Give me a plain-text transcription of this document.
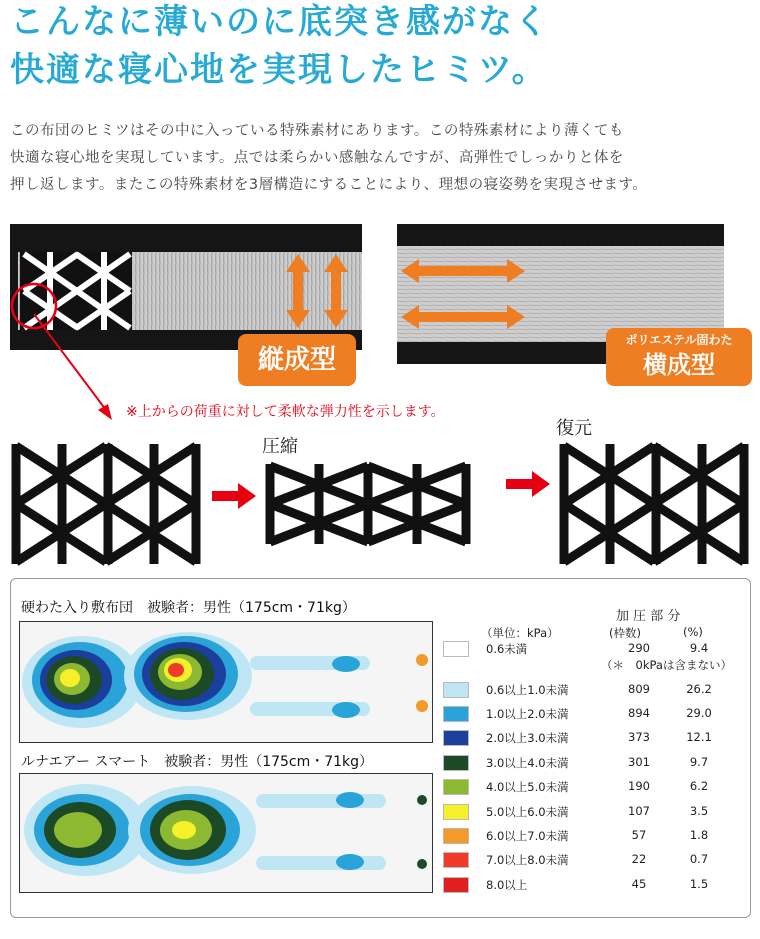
こんなに薄いのに底突き感がなく
快適な寝心地を実現したヒミツ。
この布団のヒミツはその中に入っている特殊素材にあります。この特殊素材により薄くても
快適な寝心地を実現しています。点では柔らかい感触なんですが、高弾性でしっかりと体を
押し返します。またこの特殊素材を3層構造にすることにより、理想の寝姿勢を実現させます。
縦成型
ポリエステル固わた
横成型
※上からの荷重に対して柔軟な弾力性を示します。
圧縮
復元
硬わた入り敷布団　被験者：男性（175cm・71kg）
ルナエアー スマート　被験者：男性（175cm・71kg）
加 圧 部 分
（単位：kPa）	(枠数)	(%)
0.6未満	290	9.4
0.6以上1.0未満	809	26.2
1.0以上2.0未満	894	29.0
2.0以上3.0未満	373	12.1
3.0以上4.0未満	301	9.7
4.0以上5.0未満	190	6.2
5.0以上6.0未満	107	3.5
6.0以上7.0未満	57	1.8
7.0以上8.0未満	22	0.7
8.0以上	45	1.5
（＊　0kPaは含まない）
